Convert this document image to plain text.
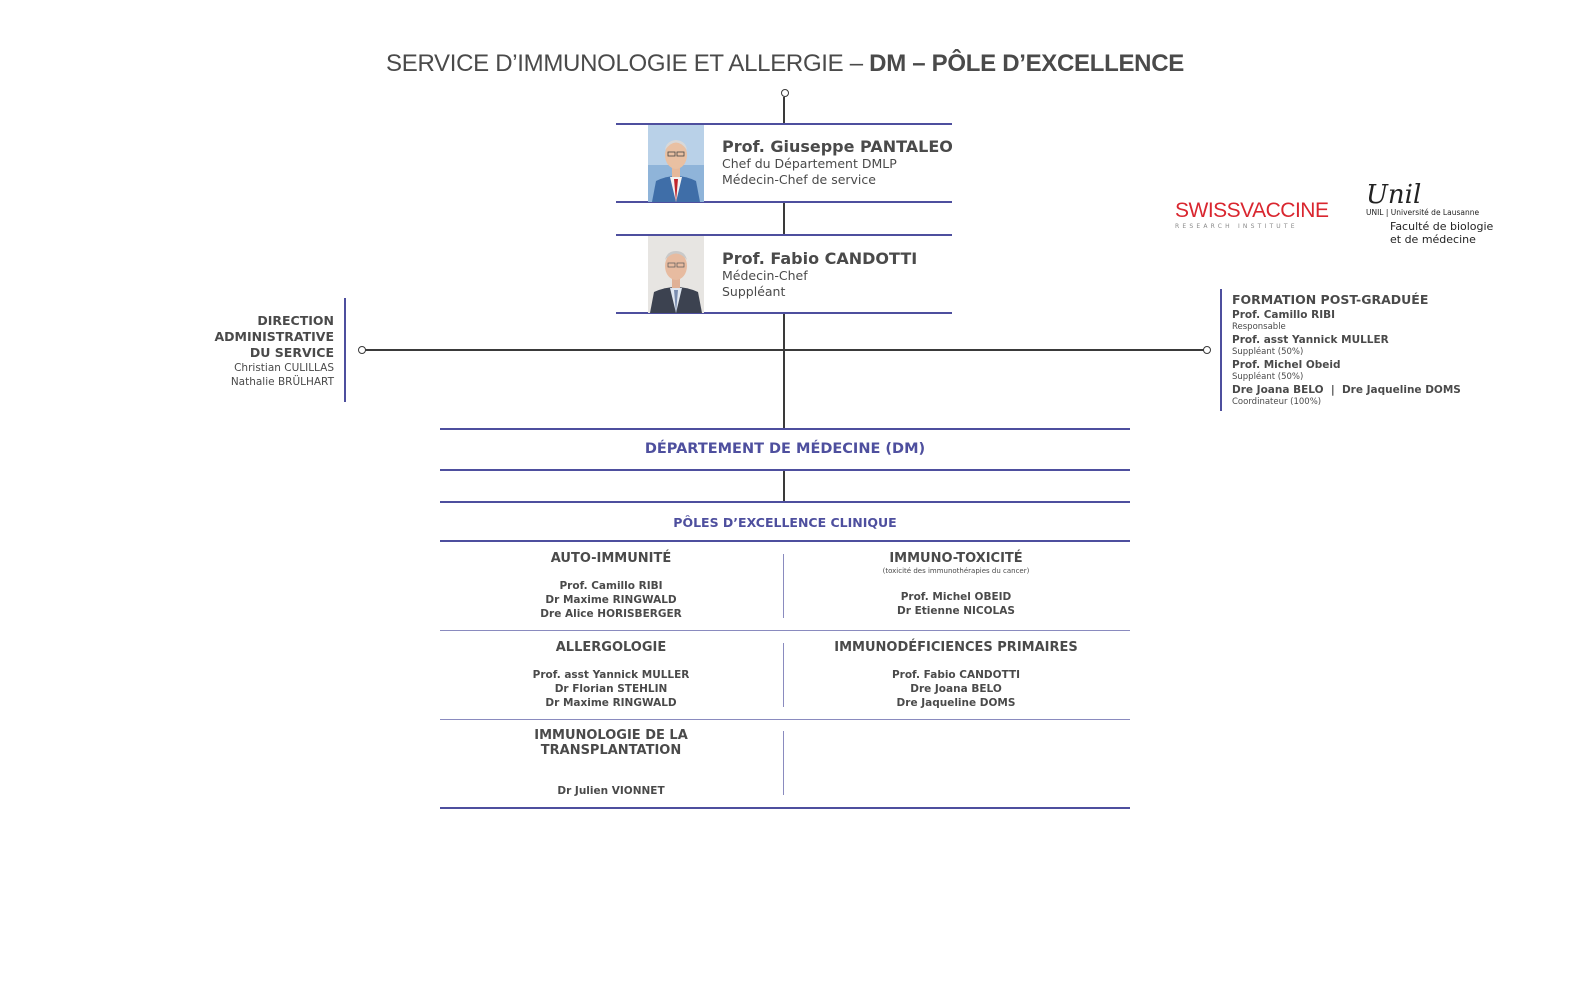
SERVICE D’IMMUNOLOGIE ET ALLERGIE – DM – PÔLE D’EXCELLENCE
Prof. Giuseppe PANTALEO
Chef du Département DMLP
Médecin-Chef de service
Prof. Fabio CANDOTTI
Médecin-Chef
Suppléant
DIRECTION
ADMINISTRATIVE
DU SERVICE
Christian CULILLAS
Nathalie BRÜLHART
FORMATION POST-GRADUÉE
Prof. Camillo RIBI
Responsable
Prof. asst Yannick MULLER
Suppléant (50%)
Prof. Michel Obeid
Suppléant (50%)
Dre Joana BELO  |  Dre Jaqueline DOMS
Coordinateur (100%)
SWISSVACCINE
RESEARCH INSTITUTE
Unil
UNIL | Université de Lausanne
Faculté de biologie
et de médecine
DÉPARTEMENT DE MÉDECINE (DM)
PÔLES D’EXCELLENCE CLINIQUE
AUTO-IMMUNITÉ
Prof. Camillo RIBI
Dr Maxime RINGWALD
Dre Alice HORISBERGER
IMMUNO-TOXICITÉ
(toxicité des immunothérapies du cancer)
Prof. Michel OBEID
Dr Etienne NICOLAS
ALLERGOLOGIE
Prof. asst Yannick MULLER
Dr Florian STEHLIN
Dr Maxime RINGWALD
IMMUNODÉFICIENCES PRIMAIRES
Prof. Fabio CANDOTTI
Dre Joana BELO
Dre Jaqueline DOMS
IMMUNOLOGIE DE LA
TRANSPLANTATION
Dr Julien VIONNET
